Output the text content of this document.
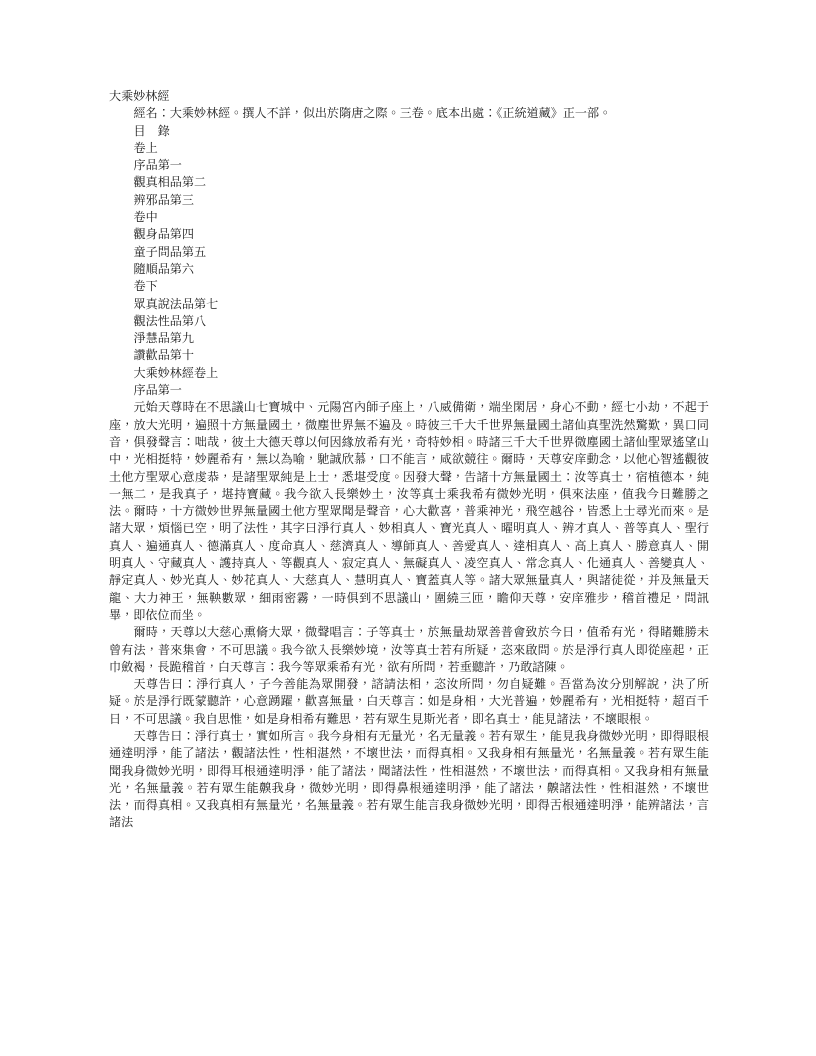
大乘妙林經
經名：大乘妙林經。撰人不詳，似出於隋唐之際。三卷。底本出處：《正統道藏》正一部。
目　錄
卷上
序品第一
觀真相品第二
辨邪品第三
卷中
觀身品第四
童子問品第五
隨順品第六
卷下
眾真說法品第七
觀法性品第八
淨慧品第九
讚歡品第十
大乘妙林經卷上
序品第一

元始天尊時在不思議山七寶城中、元陽宮內師子座上，八威備衛，端坐閑居，身心不動，經七小劫，不起于座，放大光明，遍照十方無量國土，微塵世界無不遍及。時彼三千大千世界無量國土諸仙真聖洗然驚歎，異口同音，俱發聲言：咄哉，彼土大德天尊以何因緣放希有光，奇特妙相。時諸三千大千世界微塵國土諸仙聖眾遙望山中，光相挺特，妙麗希有，無以為喻，馳誠欣慕，口不能言，咸欲競往。爾時，天尊安庠動念，以他心智遙觀彼土他方聖眾心意虔恭，是諸聖眾純是上士，悉堪受度。因發大聲，告諸十方無量國土：汝等真士，宿植德本，純一無二，是我真子，堪持寶藏。我今欲入長樂妙土，汝等真士乘我希有微妙光明，俱來法座，值我今日難勝之法。爾時，十方微妙世界無量國土他方聖眾聞是聲音，心大歡喜，普乘神光，飛空越谷，皆悉上士尋光而來。是諸大眾，煩惱已空，明了法性，其字曰淨行真人、妙相真人、寶光真人、曜明真人、辨才真人、普等真人、聖行真人、遍通真人、德滿真人、度命真人、慈濟真人、導師真人、善愛真人、達相真人、高上真人、勝意真人、開明真人、守藏真人、護持真人、等觀真人、寂定真人、無礙真人、凌空真人、常念真人、化通真人、善變真人、靜定真人、妙光真人、妙花真人、大慈真人、慧明真人、寶蓋真人等。諸大眾無量真人，與諸徒從，并及無量天龍、大力神王，無鞅數眾，細雨密霧，一時俱到不思議山，圍繞三匝，瞻仰天尊，安庠雅步，稽首禮足，問訊畢，即依位而坐。

爾時，天尊以大慈心熏脩大眾，微聲唱言：子等真士，於無量劫眾善普會致於今日，值希有光，得睹難勝未曾有法，普來集會，不可思議。我今欲入長樂妙境，汝等真士若有所疑，恣來啟問。於是淨行真人即從座起，正巾斂褐，長跪稽首，白天尊言：我今等眾乘希有光，欲有所問，若垂聽許，乃敢諮陳。

天尊告曰：淨行真人，子今善能為眾開發，諮請法相，恣汝所問，勿自疑難。吾當為汝分別解說，決了所疑。於是淨行既蒙聽許，心意踴躍，歡喜無量，白天尊言：如是身相，大光普遍，妙麗希有，光相挺特，超百千日，不可思議。我自思惟，如是身相希有難思，若有眾生見斯光者，即名真士，能見諸法，不壞眼根。

天尊告曰：淨行真士，實如所言。我今身相有无量光，名无量義。若有眾生，能見我身微妙光明，即得眼根通達明淨，能了諸法，觀諸法性，性相湛然，不壞世法，而得真相。又我身相有無量光，名無量義。若有眾生能聞我身微妙光明，即得耳根通達明淨，能了諸法，聞諸法性，性相湛然，不壞世法，而得真相。又我身相有無量光，名無量義。若有眾生能齅我身，微妙光明，即得鼻根通達明淨，能了諸法，齅諸法性，性相湛然，不壞世法，而得真相。又我真相有無量光，名無量義。若有眾生能言我身微妙光明，即得舌根通達明淨，能辨諸法，言諸法
